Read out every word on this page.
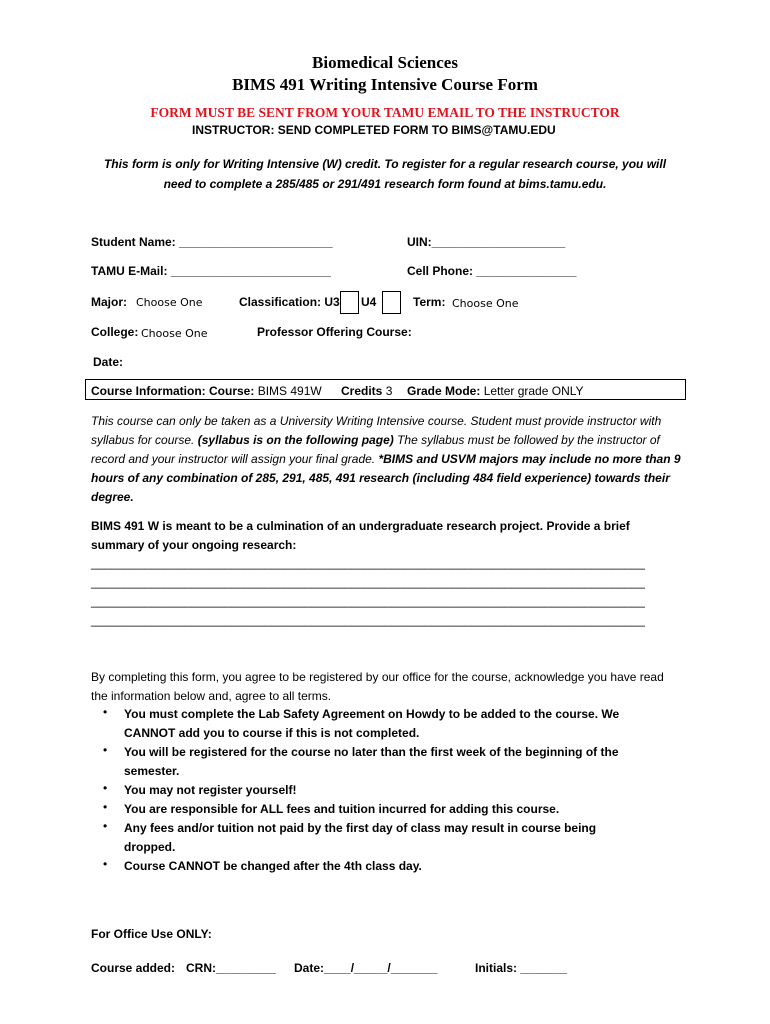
Biomedical Sciences
BIMS 491 Writing Intensive Course Form
FORM MUST BE SENT FROM YOUR TAMU EMAIL TO THE INSTRUCTOR
INSTRUCTOR: SEND COMPLETED FORM TO BIMS@TAMU.EDU
This form is only for Writing Intensive (W) credit. To register for a regular research course, you will
need to complete a 285/485 or 291/491 research form found at bims.tamu.edu.
Student Name: _______________________	UIN:____________________
TAMU E-Mail: ________________________	Cell Phone: _______________
Major: Choose One	Classification: U3 U4	Term: Choose One
College: Choose One	Professor Offering Course:
Date:
Course Information: Course: BIMS 491W Credits 3 Grade Mode: Letter grade ONLY
This course can only be taken as a University Writing Intensive course. Student must provide instructor with syllabus for course. (syllabus is on the following page) The syllabus must be followed by the instructor of record and your instructor will assign your final grade. *BIMS and USVM majors may include no more than 9 hours of any combination of 285, 291, 485, 491 research (including 484 field experience) towards their degree.
BIMS 491 W is meant to be a culmination of an undergraduate research project. Provide a brief summary of your ongoing research:
___________________________________________________________________________________
___________________________________________________________________________________
___________________________________________________________________________________
___________________________________________________________________________________
By completing this form, you agree to be registered by our office for the course, acknowledge you have read the information below and, agree to all terms.
• You must complete the Lab Safety Agreement on Howdy to be added to the course. We CANNOT add you to course if this is not completed.
• You will be registered for the course no later than the first week of the beginning of the semester.
• You may not register yourself!
• You are responsible for ALL fees and tuition incurred for adding this course.
• Any fees and/or tuition not paid by the first day of class may result in course being dropped.
• Course CANNOT be changed after the 4th class day.
For Office Use ONLY:
Course added: CRN:_________ Date:____/_____/_______	Initials: _______
